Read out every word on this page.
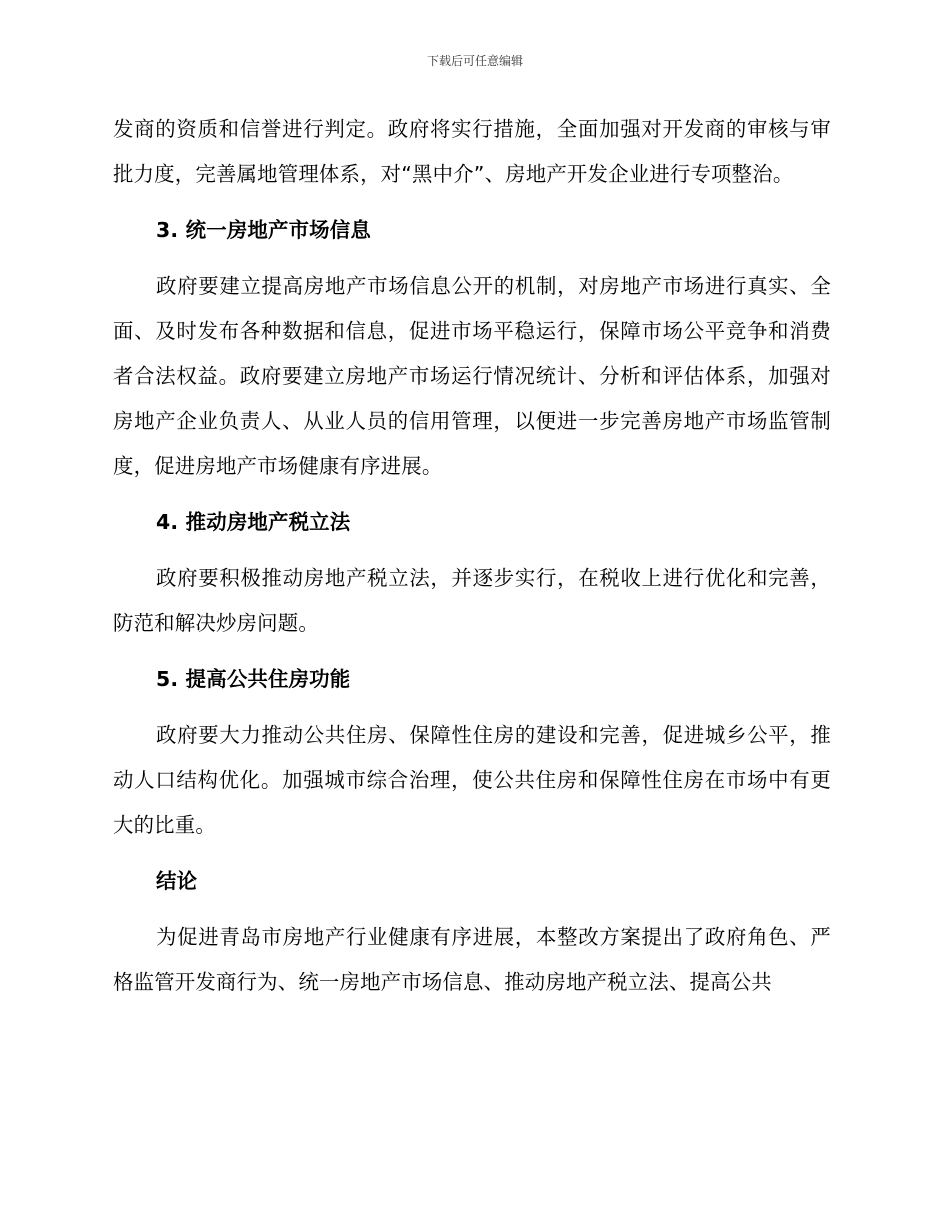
下载后可任意编辑

发商的资质和信誉进行判定。政府将实行措施，全面加强对开发商的审核与审批力度，完善属地管理体系，对“黑中介”、房地产开发企业进行专项整治。

3. 统一房地产市场信息

政府要建立提高房地产市场信息公开的机制，对房地产市场进行真实、全面、及时发布各种数据和信息，促进市场平稳运行，保障市场公平竞争和消费者合法权益。政府要建立房地产市场运行情况统计、分析和评估体系，加强对房地产企业负责人、从业人员的信用管理，以便进一步完善房地产市场监管制度，促进房地产市场健康有序进展。

4. 推动房地产税立法

政府要积极推动房地产税立法，并逐步实行，在税收上进行优化和完善，防范和解决炒房问题。

5. 提高公共住房功能

政府要大力推动公共住房、保障性住房的建设和完善，促进城乡公平，推动人口结构优化。加强城市综合治理，使公共住房和保障性住房在市场中有更大的比重。

结论

为促进青岛市房地产行业健康有序进展，本整改方案提出了政府角色、严格监管开发商行为、统一房地产市场信息、推动房地产税立法、提高公共
